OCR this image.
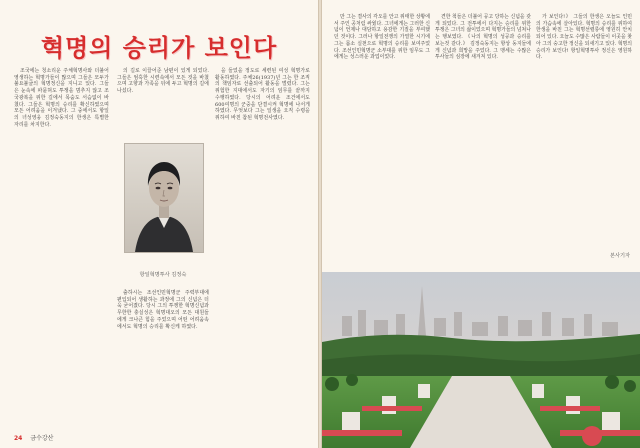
혁명의 승리가 보인다

조국에는 청소리운 주체혁명사와 더불어 영생하는 혁명가들이 많으며 그들은 모두가 불요불굴의 혁명정신을 지니고 있다. 그들은 눈속에 파묻혀도 투쟁을 멈추지 않고 조국광복을 위한 길에서 목숨도 서슴없이 바쳤다. 그들은 혁명의 승리를 확신하였으며 모든 어려움을 이겨냈다. 그 중에서도 항일의 녀성영웅 김정숙동지의 한생은 특별한 자리를 차지한다.

의 길로 이끌어준 남편이 있게 되었다. 그들은 엄혹한 시련속에서 모든 것을 바쳤으며 고향과 가족을 뒤에 두고 혁명의 길에 나섰다.

항일혁명투사 김정숙

출하시는 조선인민혁명군 주력부대에 편입되어 생활하는 과정에 그의 신념은 더욱 굳어졌다. 당시 그의 투쟁한 혁명신념과 무한한 충실성은 혁명대오의 모든 대원들에게 크나큰 힘을 주었으며 어떤 어려움속에서도 혁명의 승리를 확신케 하였다.

을 들었을 정도로 세련된 여성 혁명가로 활동하였다. 주체26(1937)년 그는 한 조직의 책임자로 선출되어 활동을 벌렸다. 그는 위험한 지대에서도 자기의 임무를 끝까지 수행하였다. 당시의 어려운 조건에서도 600여명의 군중을 단결시켜 혁명에 나서게 하였다. 무엇보다 그는 일생을 오직 수령을 위하여 바친 참된 혁명전사였다.

24 금수강산

만 그는 결사의 각오를 안고 위태한 상황에서 주인 공처럼 싸웠다. 그녀에게는 그러한 신념이 언제나 대담하고 용감한 기질을 부여했던 것이다. 그러나 항일전쟁의 가열한 시기에 그는 몸소 실천으로 혁명의 승리를 보여주었다. 조선인민혁명군 소부대를 위한 임무도 그에게는 성스러운 과업이었다.

견한 척들은 더불어 공고 당하는 신념을 갖게 되었다. 그 전투에서 다지는 승리를 위한 투쟁은 그녀의 삶이었으며 혁명가들의 넘쳐나는 행보였다. 《나의 혁명의 성공과 승리를 보는것 같다.》 김정숙동지는 항상 동지들에게 신념과 희망을 주었다. 그 맹세는 수많은 투사들의 심장에 새겨져 있다.

가 보인다!》 그들의 한생은 오늘도 인민의 가슴속에 살아있다. 혁명의 승리를 위하여 한생을 바친 그는 혁명선렬릉에 영원히 안치되어 있다. 오늘도 수많은 사람들이 이곳을 찾아 그의 숭고한 정신을 되새기고 있다. 혁명의 승리가 보인다! 항일혁명투사 정신은 영원하다.

본사기자
